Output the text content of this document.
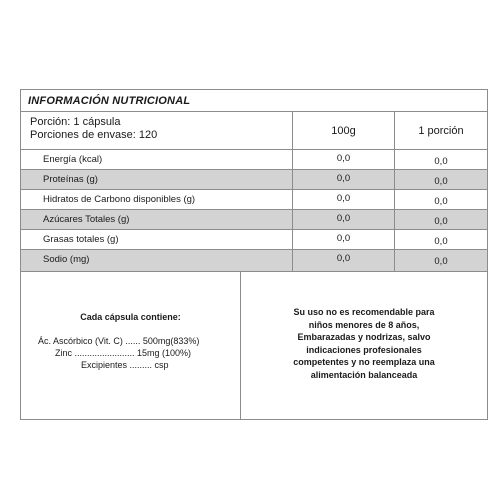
INFORMACIÓN NUTRICIONAL
Porción: 1 cápsula
Porciones de envase: 120	100g	1 porción
Energía (kcal)	0,0	0,0
Proteínas (g)	0,0	0,0
Hidratos de Carbono disponibles (g)	0,0	0,0
Azúcares Totales (g)	0,0	0,0
Grasas totales (g)	0,0	0,0
Sodio (mg)	0,0	0,0
Cada cápsula contiene:
Ác. Ascórbico (Vit. C) ...... 500mg(833%)
Zinc ........................ 15mg (100%)
Excipientes ......... csp
Su uso no es recomendable para
niños menores de 8 años,
Embarazadas y nodrizas, salvo
indicaciones profesionales
competentes y no reemplaza una
alimentación balanceada
